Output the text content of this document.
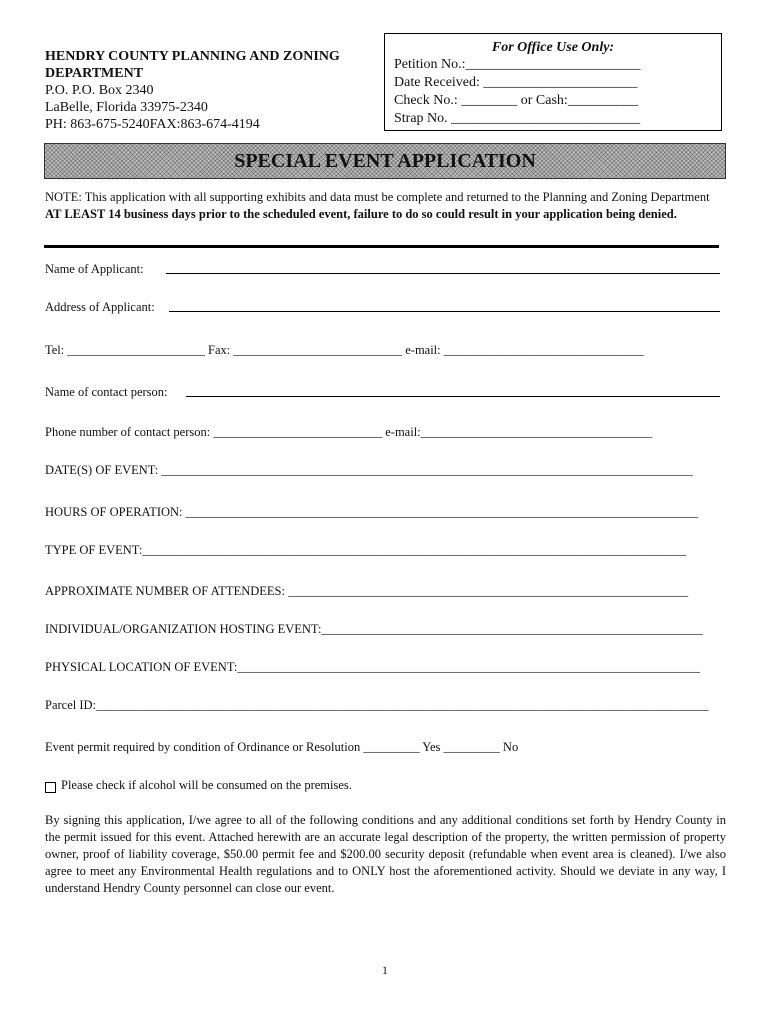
HENDRY COUNTY PLANNING AND ZONING
DEPARTMENT
P.O. P.O. Box 2340
LaBelle, Florida 33975-2340
PH: 863-675-5240FAX:863-674-4194
For Office Use Only:
Petition No.:_________________________
Date Received: ______________________
Check No.: ________ or Cash:__________
Strap No. ___________________________
SPECIAL EVENT APPLICATION
NOTE: This application with all supporting exhibits and data must be complete and returned to the Planning and Zoning Department AT LEAST 14 business days prior to the scheduled event, failure to do so could result in your application being denied.
Name of Applicant:
Address of Applicant:
Tel: ______________________ Fax: ___________________________ e-mail: ________________________________
Name of contact person:
Phone number of contact person: ___________________________ e-mail:_____________________________________
DATE(S) OF EVENT: _____________________________________________________________________________________
HOURS OF OPERATION: __________________________________________________________________________________
TYPE OF EVENT:_______________________________________________________________________________________
APPROXIMATE NUMBER OF ATTENDEES: ________________________________________________________________
INDIVIDUAL/ORGANIZATION HOSTING EVENT:_____________________________________________________________
PHYSICAL LOCATION OF EVENT:__________________________________________________________________________
Parcel ID:__________________________________________________________________________________________________
Event permit required by condition of Ordinance or Resolution _________ Yes _________ No
Please check if alcohol will be consumed on the premises.
By signing this application, I/we agree to all of the following conditions and any additional conditions set forth by Hendry County in the permit issued for this event. Attached herewith are an accurate legal description of the property, the written permission of property owner, proof of liability coverage, $50.00 permit fee and $200.00 security deposit (refundable when event area is cleaned). I/we also agree to meet any Environmental Health regulations and to ONLY host the aforementioned activity. Should we deviate in any way, I understand Hendry County personnel can close our event.
1
